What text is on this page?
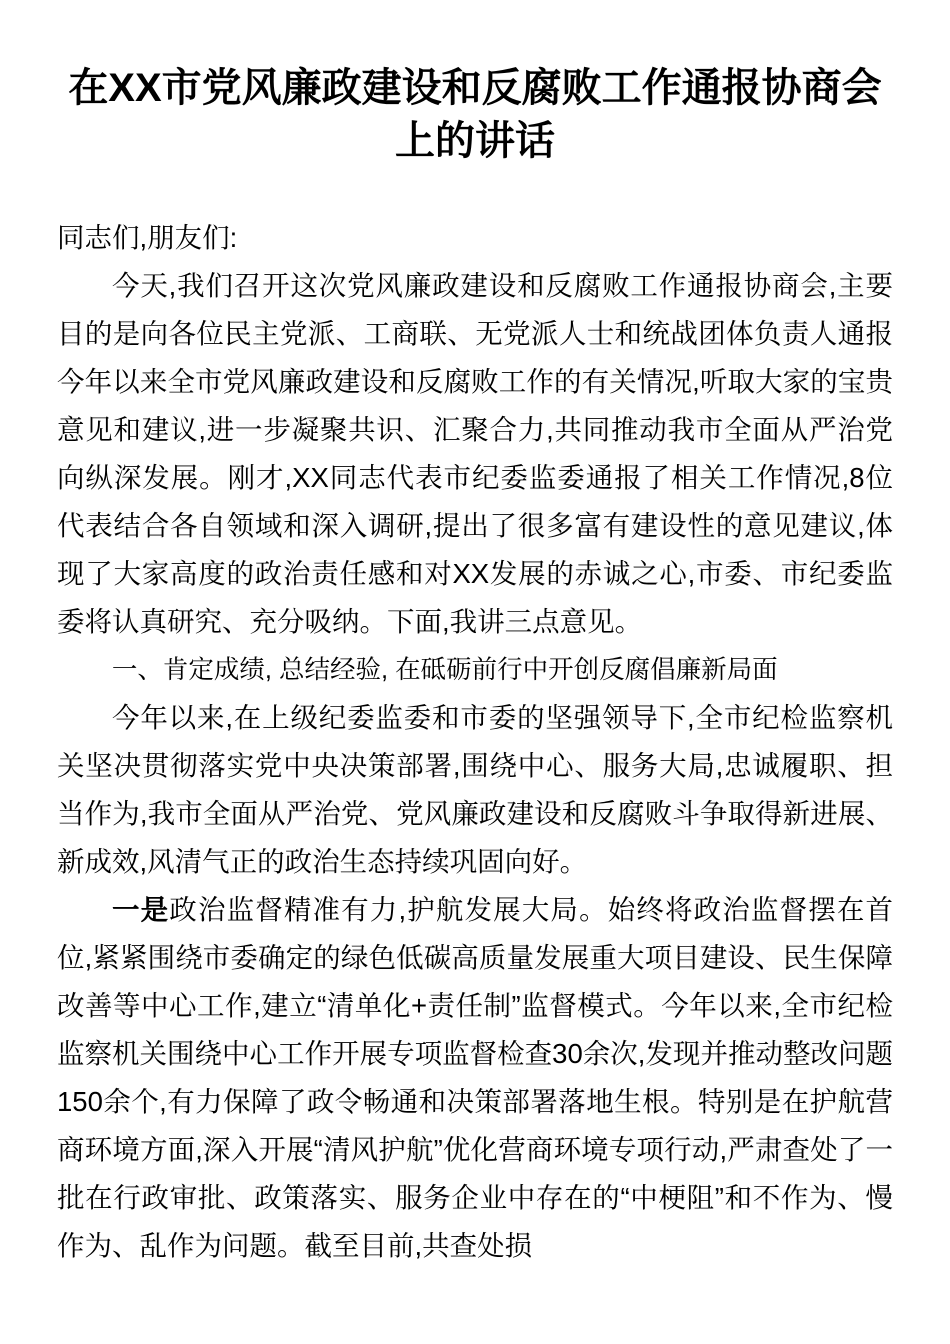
在XX市党风廉政建设和反腐败工作通报协商会上的讲话

同志们,朋友们:

今天,我们召开这次党风廉政建设和反腐败工作通报协商会,主要目的是向各位民主党派、工商联、无党派人士和统战团体负责人通报今年以来全市党风廉政建设和反腐败工作的有关情况,听取大家的宝贵意见和建议,进一步凝聚共识、汇聚合力,共同推动我市全面从严治党向纵深发展。刚才,XX同志代表市纪委监委通报了相关工作情况,8位代表结合各自领域和深入调研,提出了很多富有建设性的意见建议,体现了大家高度的政治责任感和对XX发展的赤诚之心,市委、市纪委监委将认真研究、充分吸纳。下面,我讲三点意见。

一、肯定成绩, 总结经验, 在砥砺前行中开创反腐倡廉新局面

今年以来,在上级纪委监委和市委的坚强领导下,全市纪检监察机关坚决贯彻落实党中央决策部署,围绕中心、服务大局,忠诚履职、担当作为,我市全面从严治党、党风廉政建设和反腐败斗争取得新进展、新成效,风清气正的政治生态持续巩固向好。

一是政治监督精准有力,护航发展大局。始终将政治监督摆在首位,紧紧围绕市委确定的绿色低碳高质量发展重大项目建设、民生保障改善等中心工作,建立“清单化+责任制”监督模式。今年以来,全市纪检监察机关围绕中心工作开展专项监督检查30余次,发现并推动整改问题150余个,有力保障了政令畅通和决策部署落地生根。特别是在护航营商环境方面,深入开展“清风护航”优化营商环境专项行动,严肃查处了一批在行政审批、政策落实、服务企业中存在的“中梗阻”和不作为、慢作为、乱作为问题。截至目前,共查处损
